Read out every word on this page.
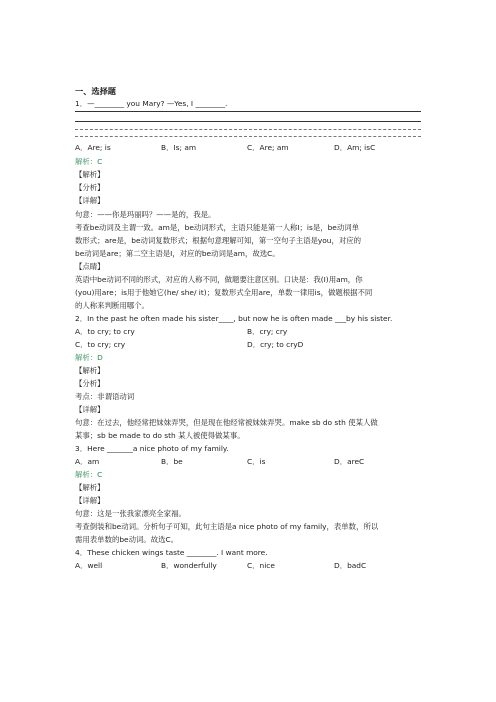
一、选择题
1．—________ you Mary? —Yes, I ________.
A．Are; is	B．Is; am	C．Are; am	D．Am; isC
解析：C
【解析】
【分析】
【详解】
句意：——你是玛丽吗？——是的，我是。
考查be动词及主谓一致。am是，be动词形式，主语只能是第一人称I；is是，be动词单
数形式；are是，be动词复数形式；根据句意理解可知，第一空句子主语是you，对应的
be动词是are；第二空主语是I，对应的be动词是am，故选C。
【点睛】
英语中be动词不同的形式，对应的人称不同，做题要注意区别。口诀是：我(I)用am，你
(you)用are；is用于他她它(he/ she/ it)；复数形式全用are，单数一律用is，做题根据不同
的人称来判断用哪个。
2．In the past he often made his sister____, but now he is often made ___by his sister.
A．to cry; to cry	B．cry; cry
C．to cry; cry	D．cry; to cryD
解析：D
【解析】
【分析】
考点：非谓语动词
【详解】
句意：在过去，他经常把妹妹弄哭，但是现在他经常被妹妹弄哭。make sb do sth 使某人做
某事；sb be made to do sth 某人被使得做某事。
3．Here _______a nice photo of my family.
A．am	B．be	C．is	D．areC
解析：C
【解析】
【详解】
句意：这是一张我家漂亮全家福。
考查倒装和be动词。分析句子可知，此句主语是a nice photo of my family，表单数，所以
需用表单数的be动词。故选C。
4．These chicken wings taste ________. I want more.
A．well	B．wonderfully	C．nice	D．badC
